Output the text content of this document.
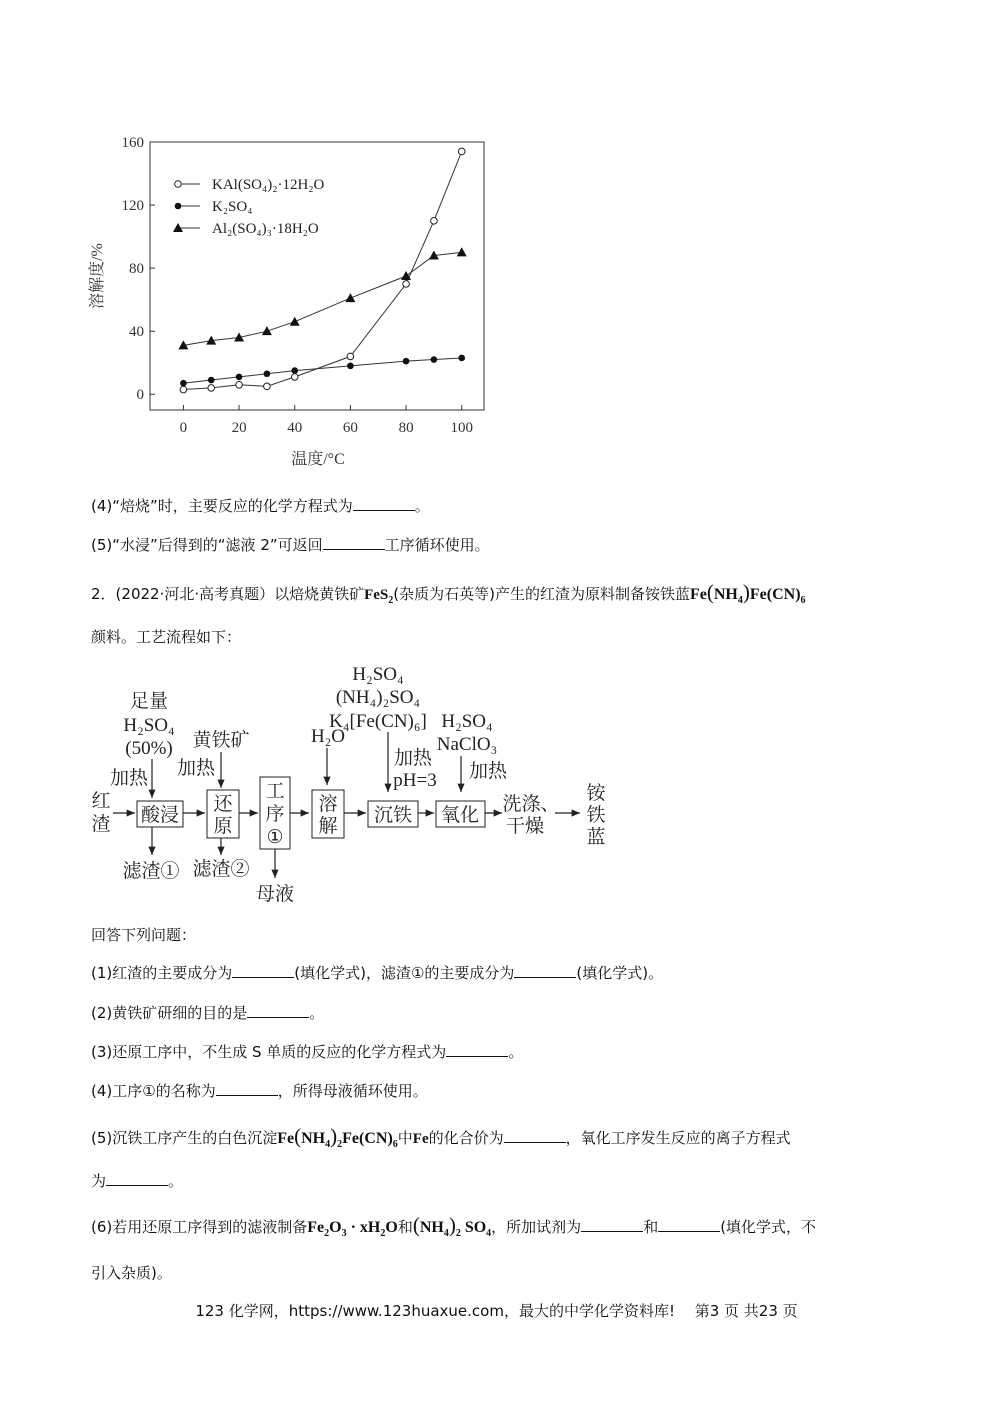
0	20	40	60	80 100
0
40
80
120
160
KAl(SO₄)₂·12H₂O
K₂SO₄
Al₂(SO₄)₃·18H₂O
温度/°C
溶解度/%
(4)“焙烧”时，主要反应的化学方程式为	。
(5)“水浸”后得到的“滤液 2”可返回	工序循环使用。
2．(2022·河北·高考真题）以焙烧黄铁矿FeS$_2$(杂质为石英等)产生的红渣为原料制备铵铁蓝$Fe(NH_4)Fe(CN)_6$
颜料。工艺流程如下：
足量
H₂SO₄
(50%)
加热
黄铁矿
加热
H₂O
H₂SO₄
(NH₄)₂SO₄
K₄[Fe(CN)₆]
加热
pH=3
H₂SO₄
NaClO₃
加热
红
渣 酸浸
滤渣①
还
原
滤渣②
工
序
①
母液
溶
解
沉铁 氧化
洗涤、
干燥
铵
铁
蓝
回答下列问题：
(1)红渣的主要成分为	(填化学式)，滤渣①的主要成分为	(填化学式)。
(2)黄铁矿研细的目的是	。
(3)还原工序中，不生成 S 单质的反应的化学方程式为	。
(4)工序①的名称为	，所得母液循环使用。
(5)沉铁工序产生的白色沉淀$Fe(NH_4)_2Fe(CN)_6$中Fe的化合价为	，氧化工序发生反应的离子方程式
为	。
(6)若用还原工序得到的滤液制备$Fe_2O_3 \cdot xH_2O$和$(NH_4)_2$ $SO_4$，所加试剂为	和	(填化学式，不
引入杂质)。
123 化学网，https://www.123huaxue.com，最大的中学化学资料库!　 第3 页 共23 页
